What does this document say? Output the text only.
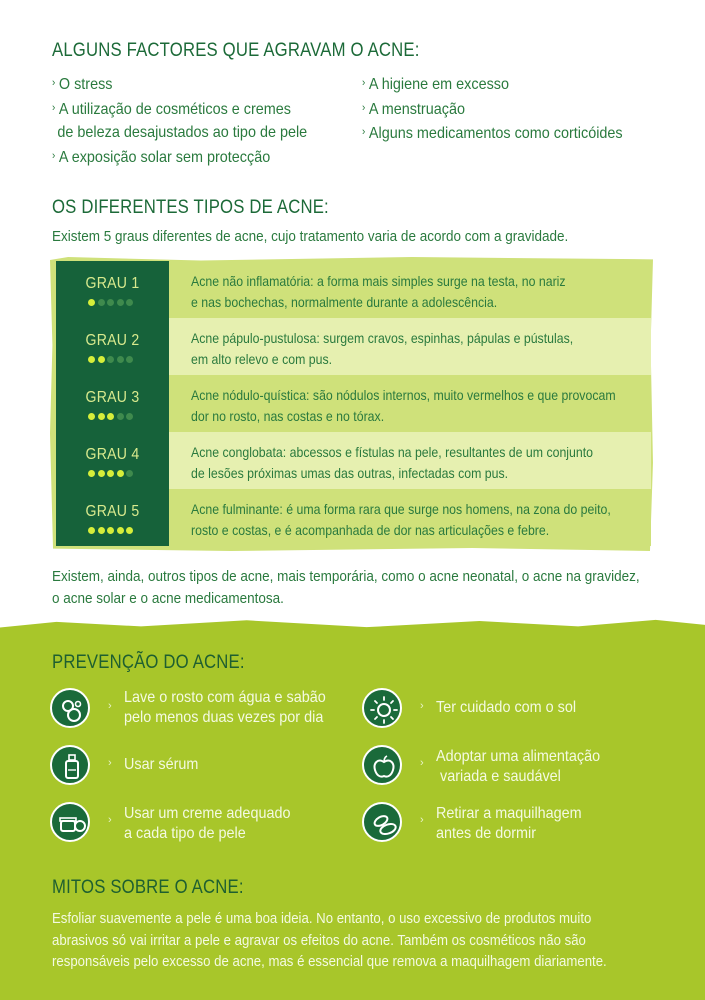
ALGUNS FACTORES QUE AGRAVAM O ACNE:
› O stress
› A utilização de cosméticos e cremes
de beleza desajustados ao tipo de pele
› A exposição solar sem protecção
› A higiene em excesso
› A menstruação
› Alguns medicamentos como corticóides
OS DIFERENTES TIPOS DE ACNE:
Existem 5 graus diferentes de acne, cujo tratamento varia de acordo com a gravidade.
GRAU 1	Acne não inflamatória: a forma mais simples surge na testa, no nariz
e nas bochechas, normalmente durante a adolescência.
GRAU 2	Acne pápulo-pustulosa: surgem cravos, espinhas, pápulas e pústulas,
em alto relevo e com pus.
GRAU 3	Acne nódulo-quística: são nódulos internos, muito vermelhos e que provocam
dor no rosto, nas costas e no tórax.
GRAU 4	Acne conglobata: abcessos e fístulas na pele, resultantes de um conjunto
de lesões próximas umas das outras, infectadas com pus.
GRAU 5	Acne fulminante: é uma forma rara que surge nos homens, na zona do peito,
rosto e costas, e é acompanhada de dor nas articulações e febre.
Existem, ainda, outros tipos de acne, mais temporária, como o acne neonatal, o acne na gravidez,
o acne solar e o acne medicamentosa.
PREVENÇÃO DO ACNE:
› Lave o rosto com água e sabão
pelo menos duas vezes por dia
› Ter cuidado com o sol
› Usar sérum	› Adoptar uma alimentação
variada e saudável
› Usar um creme adequado
a cada tipo de pele
› Retirar a maquilhagem
antes de dormir
MITOS SOBRE O ACNE:
Esfoliar suavemente a pele é uma boa ideia. No entanto, o uso excessivo de produtos muito
abrasivos só vai irritar a pele e agravar os efeitos do acne. Também os cosméticos não são
responsáveis pelo excesso de acne, mas é essencial que remova a maquilhagem diariamente.
